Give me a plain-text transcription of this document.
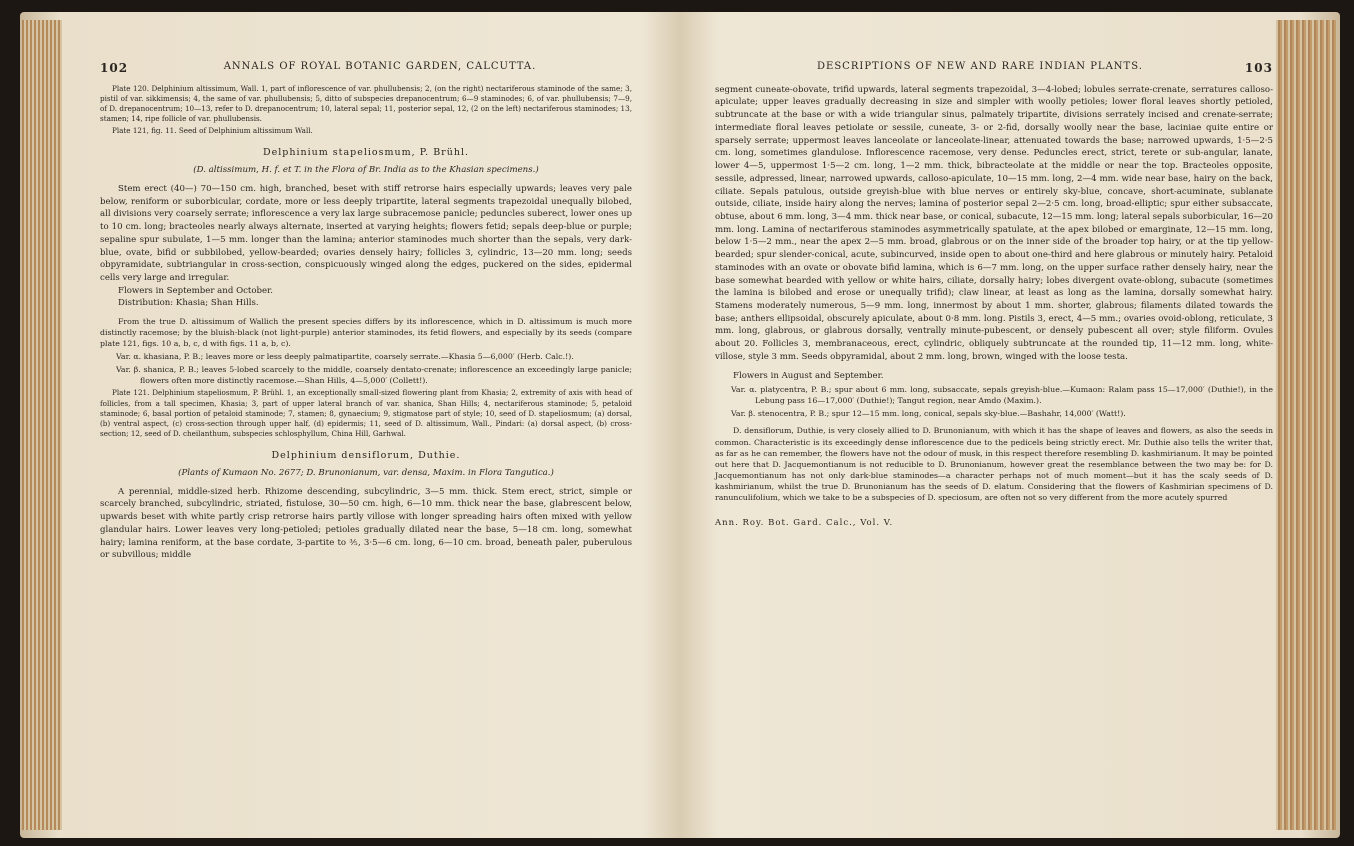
102	ANNALS OF ROYAL BOTANIC GARDEN, CALCUTTA.
Plate 120. Delphinium altissimum, Wall. 1, part of inflorescence of var. phullubensis; 2, (on the right) nectariferous staminode of the same; 3, pistil of var. sikkimensis; 4, the same of var. phullubensis; 5, ditto of subspecies drepanocentrum; 6—9 staminodes; 6, of var. phullubensis; 7—9, of D. drepanocentrum; 10—13, refer to D. drepanocentrum; 10, lateral sepal; 11, posterior sepal, 12, (2 on the left) nectariferous staminodes; 13, stamen; 14, ripe follicle of var. phullubensis.
Plate 121, fig. 11. Seed of Delphinium altissimum Wall.
Delphinium stapeliosmum, P. Brühl.
(D. altissimum, H. f. et T. in the Flora of Br. India as to the Khasian specimens.)

Stem erect (40—) 70—150 cm. high, branched, beset with stiff retrorse hairs especially upwards; leaves very pale below, reniform or suborbicular, cordate, more or less deeply tripartite, lateral segments trapezoidal unequally bilobed, all divisions very coarsely serrate; inflorescence a very lax large subracemose panicle; peduncles suberect, lower ones up to 10 cm. long; bracteoles nearly always alternate, inserted at varying heights; flowers fetid; sepals deep-blue or purple; sepaline spur subulate, 1—5 mm. longer than the lamina; anterior staminodes much shorter than the sepals, very dark-blue, ovate, bifid or subbilobed, yellow-bearded; ovaries densely hairy; follicles 3, cylindric, 13—20 mm. long; seeds obpyramidate, subtriangular in cross-section, conspicuously winged along the edges, puckered on the sides, epidermal cells very large and irregular.

Flowers in September and October.

Distribution: Khasia; Shan Hills.

From the true D. altissimum of Wallich the present species differs by its inflorescence, which in D. altissimum is much more distinctly racemose; by the bluish-black (not light-purple) anterior staminodes, its fetid flowers, and especially by its seeds (compare plate 121, figs. 10 a, b, c, d with figs. 11 a, b, c).

Var. α. khasiana, P. B.; leaves more or less deeply palmatipartite, coarsely serrate.—Khasia 5—6,000′ (Herb. Calc.!).
Var. β. shanica, P. B.; leaves 5-lobed scarcely to the middle, coarsely dentato-crenate; inflorescence an exceedingly large panicle; flowers often more distinctly racemose.—Shan Hills, 4—5,000′ (Collett!).
Plate 121. Delphinium stapeliosmum, P. Brühl. 1, an exceptionally small-sized flowering plant from Khasia; 2, extremity of axis with head of follicles, from a tall specimen, Khasia; 3, part of upper lateral branch of var. shanica, Shan Hills; 4, nectariferous staminode; 5, petaloid staminode; 6, basal portion of petaloid staminode; 7, stamen; 8, gynaecium; 9, stigmatose part of style; 10, seed of D. stapeliosmum; (a) dorsal, (b) ventral aspect, (c) cross-section through upper half, (d) epidermis; 11, seed of D. altissimum, Wall., Pindari: (a) dorsal aspect, (b) cross-section; 12, seed of D. cheilanthum, subspecies schlosphyllum, China Hill, Garhwal.
Delphinium densiflorum, Duthie.
(Plants of Kumaon No. 2677; D. Brunonianum, var. densa, Maxim. in Flora Tangutica.)

A perennial, middle-sized herb. Rhizome descending, subcylindric, 3—5 mm. thick. Stem erect, strict, simple or scarcely branched, subcylindric, striated, fistulose, 30—50 cm. high, 6—10 mm. thick near the base, glabrescent below, upwards beset with white partly crisp retrorse hairs partly villose with longer spreading hairs often mixed with yellow glandular hairs. Lower leaves very long-petioled; petioles gradually dilated near the base, 5—18 cm. long, somewhat hairy; lamina reniform, at the base cordate, 3-partite to ⅗, 3·5—6 cm. long, 6—10 cm. broad, beneath paler, puberulous or subvillous; middle

DESCRIPTIONS OF NEW AND RARE INDIAN PLANTS.	103

segment cuneate-obovate, trifid upwards, lateral segments trapezoidal, 3—4-lobed; lobules serrate-crenate, serratures calloso-apiculate; upper leaves gradually decreasing in size and simpler with woolly petioles; lower floral leaves shortly petioled, subtruncate at the base or with a wide triangular sinus, palmately tripartite, divisions serrately incised and crenate-serrate; intermediate floral leaves petiolate or sessile, cuneate, 3- or 2-fid, dorsally woolly near the base, laciniae quite entire or sparsely serrate; uppermost leaves lanceolate or lanceolate-linear, attenuated towards the base; narrowed upwards, 1·5—2·5 cm. long, sometimes glandulose. Inflorescence racemose, very dense. Peduncles erect, strict, terete or sub-angular, lanate, lower 4—5, uppermost 1·5—2 cm. long, 1—2 mm. thick, bibracteolate at the middle or near the top. Bracteoles opposite, sessile, adpressed, linear, narrowed upwards, calloso-apiculate, 10—15 mm. long, 2—4 mm. wide near base, hairy on the back, ciliate. Sepals patulous, outside greyish-blue with blue nerves or entirely sky-blue, concave, short-acuminate, sublanate outside, ciliate, inside hairy along the nerves; lamina of posterior sepal 2—2·5 cm. long, broad-elliptic; spur either subsaccate, obtuse, about 6 mm. long, 3—4 mm. thick near base, or conical, subacute, 12—15 mm. long; lateral sepals suborbicular, 16—20 mm. long. Lamina of nectariferous staminodes asymmetrically spatulate, at the apex bilobed or emarginate, 12—15 mm. long, below 1·5—2 mm., near the apex 2—5 mm. broad, glabrous or on the inner side of the broader top hairy, or at the tip yellow-bearded; spur slender-conical, acute, subincurved, inside open to about one-third and here glabrous or minutely hairy. Petaloid staminodes with an ovate or obovate bifid lamina, which is 6—7 mm. long, on the upper surface rather densely hairy, near the base somewhat bearded with yellow or white hairs, ciliate, dorsally hairy; lobes divergent ovate-oblong, subacute (sometimes the lamina is bilobed and erose or unequally trifid); claw linear, at least as long as the lamina, dorsally somewhat hairy. Stamens moderately numerous, 5—9 mm. long, innermost by about 1 mm. shorter, glabrous; filaments dilated towards the base; anthers ellipsoidal, obscurely apiculate, about 0·8 mm. long. Pistils 3, erect, 4—5 mm.; ovaries ovoid-oblong, reticulate, 3 mm. long, glabrous, or glabrous dorsally, ventrally minute-pubescent, or densely pubescent all over; style filiform. Ovules about 20. Follicles 3, membranaceous, erect, cylindric, obliquely subtruncate at the rounded tip, 11—12 mm. long, white-villose, style 3 mm. Seeds obpyramidal, about 2 mm. long, brown, winged with the loose testa.

Flowers in August and September.

Var. α. platycentra, P. B.; spur about 6 mm. long, subsaccate, sepals greyish-blue.—Kumaon: Ralam pass 15—17,000′ (Duthie!), in the Lebung pass 16—17,000′ (Duthie!); Tangut region, near Amdo (Maxim.).
Var. β. stenocentra, P. B.; spur 12—15 mm. long, conical, sepals sky-blue.—Bashahr, 14,000′ (Watt!).

D. densiflorum, Duthie, is very closely allied to D. Brunonianum, with which it has the shape of leaves and flowers, as also the seeds in common. Characteristic is its exceedingly dense inflorescence due to the pedicels being strictly erect. Mr. Duthie also tells the writer that, as far as he can remember, the flowers have not the odour of musk, in this respect therefore resembling D. kashmirianum. It may be pointed out here that D. Jacquemontianum is not reducible to D. Brunonianum, however great the resemblance between the two may be: for D. Jacquemontianum has not only dark-blue staminodes—a character perhaps not of much moment—but it has the scaly seeds of D. kashmirianum, whilst the true D. Brunonianum has the seeds of D. elatum. Considering that the flowers of Kashmirian specimens of D. ranunculifolium, which we take to be a subspecies of D. speciosum, are often not so very different from the more acutely spurred

Ann. Roy. Bot. Gard. Calc., Vol. V.
